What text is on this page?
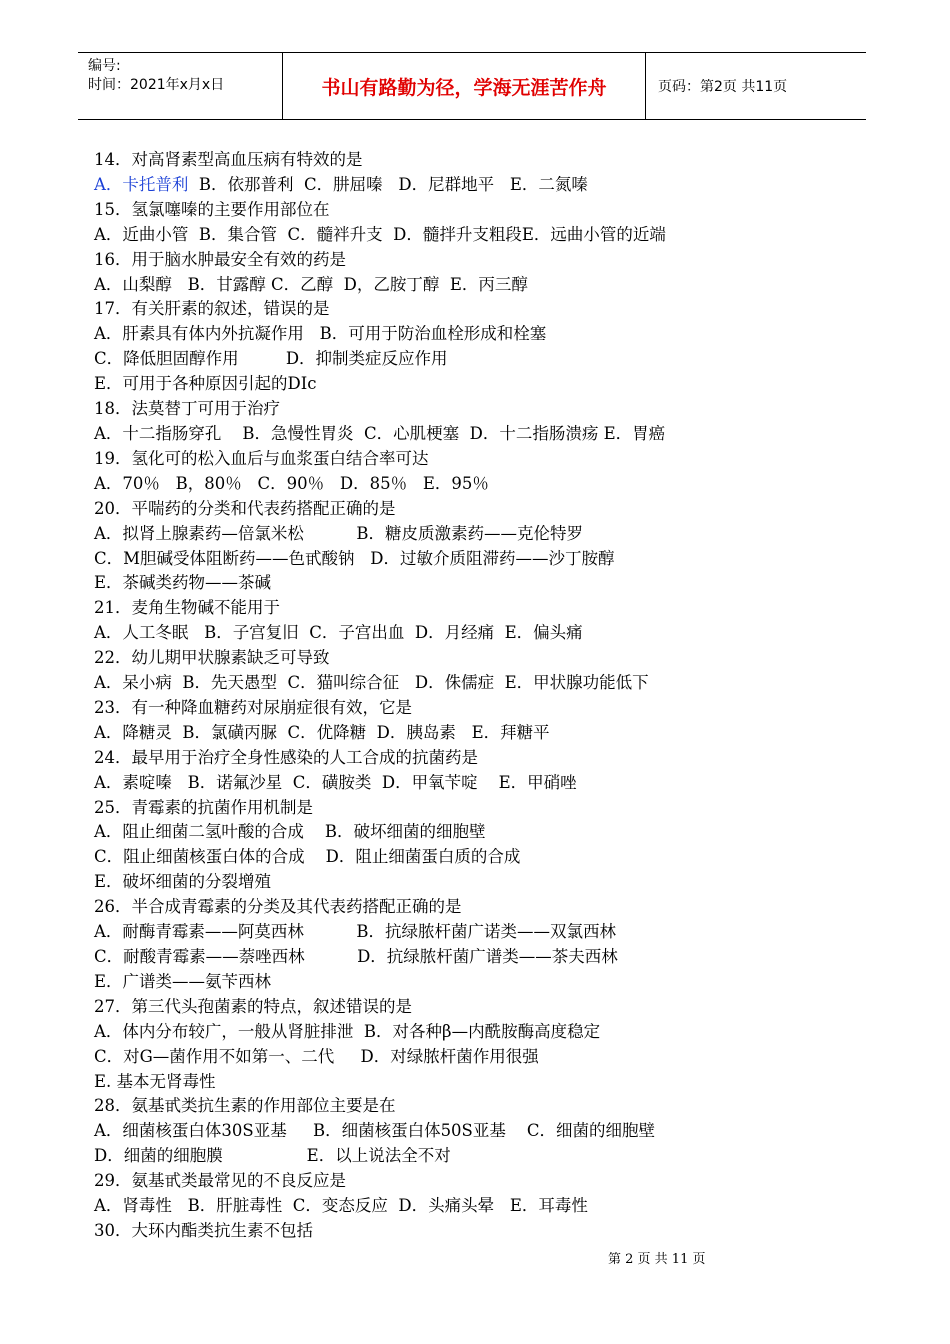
编号:
时间：2021年x月x日	书山有路勤为径，学海无涯苦作舟	页码：第2页 共11页
14．对高肾素型高血压病有特效的是
A．卡托普利  B．依那普利  C．肼屈嗪   D．尼群地平   E．二氮嗪
15．氢氯噻嗪的主要作用部位在
A．近曲小管  B．集合管  C．髓袢升支  D．髓拌升支粗段E．远曲小管的近端
16．用于脑水肿最安全有效的药是
A．山梨醇   B．甘露醇 C．乙醇  D，乙胺丁醇  E．丙三醇
17．有关肝素的叙述，错误的是
A．肝素具有体内外抗凝作用   B．可用于防治血栓形成和栓塞
C．降低胆固醇作用         D．抑制类症反应作用
E．可用于各种原因引起的DIc
18．法莫替丁可用于治疗
A．十二指肠穿孔    B．急慢性胃炎  C．心肌梗塞  D．十二指肠溃疡 E．胃癌
19．氢化可的松入血后与血浆蛋白结合率可达
A．70％   B，80％   C．90％   D．85％   E．95％
20．平喘药的分类和代表药搭配正确的是
A．拟肾上腺素药—倍氯米松          B．糖皮质激素药——克伦特罗
C．M胆碱受体阻断药——色甙酸钠   D．过敏介质阻滞药——沙丁胺醇
E．茶碱类药物——茶碱
21．麦角生物碱不能用于
A．人工冬眠   B．子宫复旧  C．子宫出血  D．月经痛  E．偏头痛
22．幼儿期甲状腺素缺乏可导致
A．呆小病  B．先天愚型  C．猫叫综合征   D．侏儒症  E．甲状腺功能低下
23．有一种降血糖药对尿崩症很有效，它是
A．降糖灵  B．氯磺丙脲  C．优降糖  D．胰岛素   E．拜糖平
24．最早用于治疗全身性感染的人工合成的抗菌药是
A．素啶嗪   B．诺氟沙星  C．磺胺类  D．甲氧苄啶    E．甲硝唑
25．青霉素的抗菌作用机制是
A．阻止细菌二氢叶酸的合成    B．破坏细菌的细胞壁
C．阻止细菌核蛋白体的合成    D．阻止细菌蛋白质的合成
E．破坏细菌的分裂增殖
26．半合成青霉素的分类及其代表药搭配正确的是
A．耐酶青霉素——阿莫西林          B．抗绿脓杆菌广诺类——双氯西林
C．耐酸青霉素——萘唑西林          D．抗绿脓杆菌广谱类——茶夫西林
E．广谱类——氨苄西林
27．第三代头孢菌素的特点，叙述错误的是
A．体内分布较广，一般从肾脏排泄  B．对各种β—内酰胺酶高度稳定
C．对G—菌作用不如第一、二代     D．对绿脓杆菌作用很强
E. 基本无肾毒性
28．氨基甙类抗生素的作用部位主要是在
A．细菌核蛋白体30S亚基     B．细菌核蛋白体50S亚基    C．细菌的细胞壁
D．细菌的细胞膜                E．以上说法全不对
29．氨基甙类最常见的不良反应是
A．肾毒性   B．肝脏毒性  C．变态反应  D．头痛头晕   E．耳毒性
30．大环内酯类抗生素不包括
第 2 页 共 11 页
